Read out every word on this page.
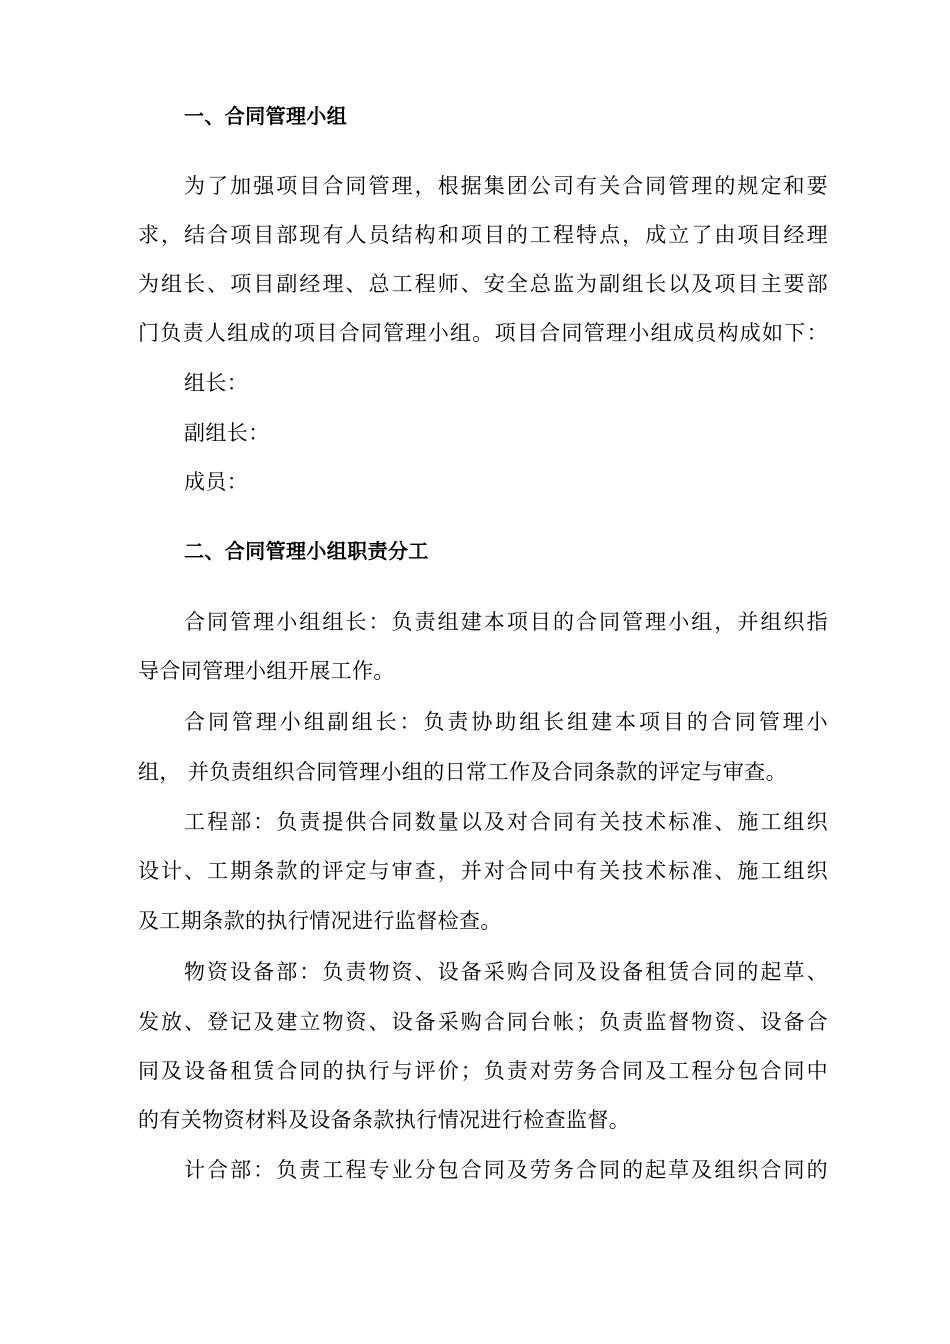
一、合同管理小组
为了加强项目合同管理，根据集团公司有关合同管理的规定和要
求，结合项目部现有人员结构和项目的工程特点，成立了由项目经理
为组长、项目副经理、总工程师、安全总监为副组长以及项目主要部
门负责人组成的项目合同管理小组。项目合同管理小组成员构成如下：
组长：
副组长：
成员：
二、合同管理小组职责分工
合同管理小组组长：负责组建本项目的合同管理小组，并组织指
导合同管理小组开展工作。
合同管理小组副组长：负责协助组长组建本项目的合同管理小
组， 并负责组织合同管理小组的日常工作及合同条款的评定与审查。
工程部：负责提供合同数量以及对合同有关技术标准、施工组织
设计、工期条款的评定与审查，并对合同中有关技术标准、施工组织
及工期条款的执行情况进行监督检查。
物资设备部：负责物资、设备采购合同及设备租赁合同的起草、
发放、登记及建立物资、设备采购合同台帐；负责监督物资、设备合
同及设备租赁合同的执行与评价；负责对劳务合同及工程分包合同中
的有关物资材料及设备条款执行情况进行检查监督。
计合部：负责工程专业分包合同及劳务合同的起草及组织合同的
